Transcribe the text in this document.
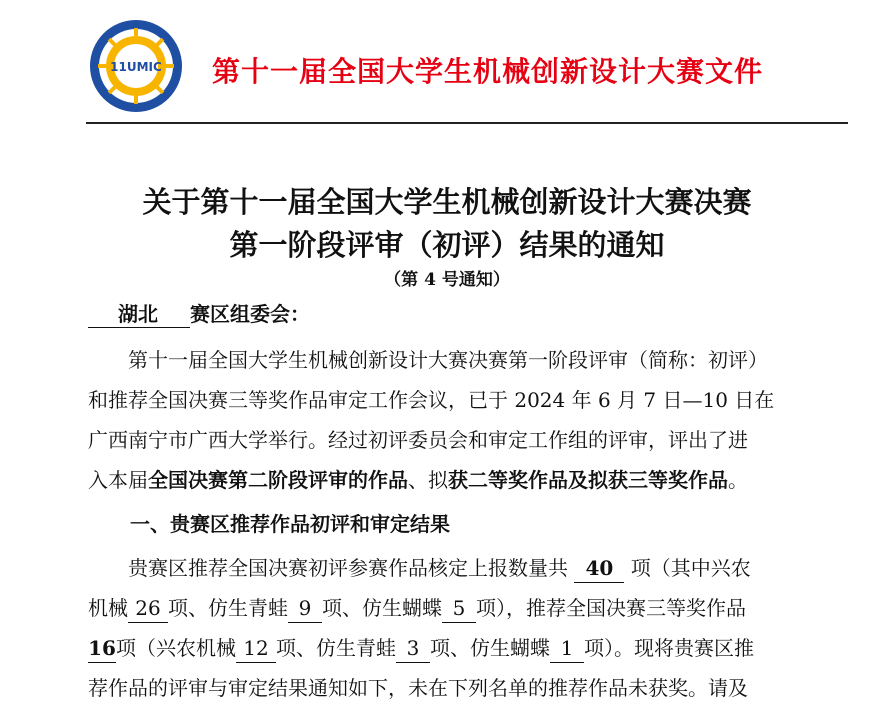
11UMIC 第十一届全国大学生机械创新设计大赛文件
关于第十一届全国大学生机械创新设计大赛决赛
第一阶段评审（初评）结果的通知
（第 4 号通知）
湖北 赛区组委会：
第十一届全国大学生机械创新设计大赛决赛第一阶段评审（简称：初评）
和推荐全国决赛三等奖作品审定工作会议，已于 2024 年 6 月 7 日—10 日在
广西南宁市广西大学举行。经过初评委员会和审定工作组的评审，评出了进
入本届全国决赛第二阶段评审的作品、拟获二等奖作品及拟获三等奖作品。
一、贵赛区推荐作品初评和审定结果
贵赛区推荐全国决赛初评参赛作品核定上报数量共 40 项（其中兴农
机械 26 项、仿生青蛙 9 项、仿生蝴蝶 5 项），推荐全国决赛三等奖作品
16项（兴农机械 12 项、仿生青蛙 3 项、仿生蝴蝶 1 项）。现将贵赛区推
荐作品的评审与审定结果通知如下，未在下列名单的推荐作品未获奖。请及
